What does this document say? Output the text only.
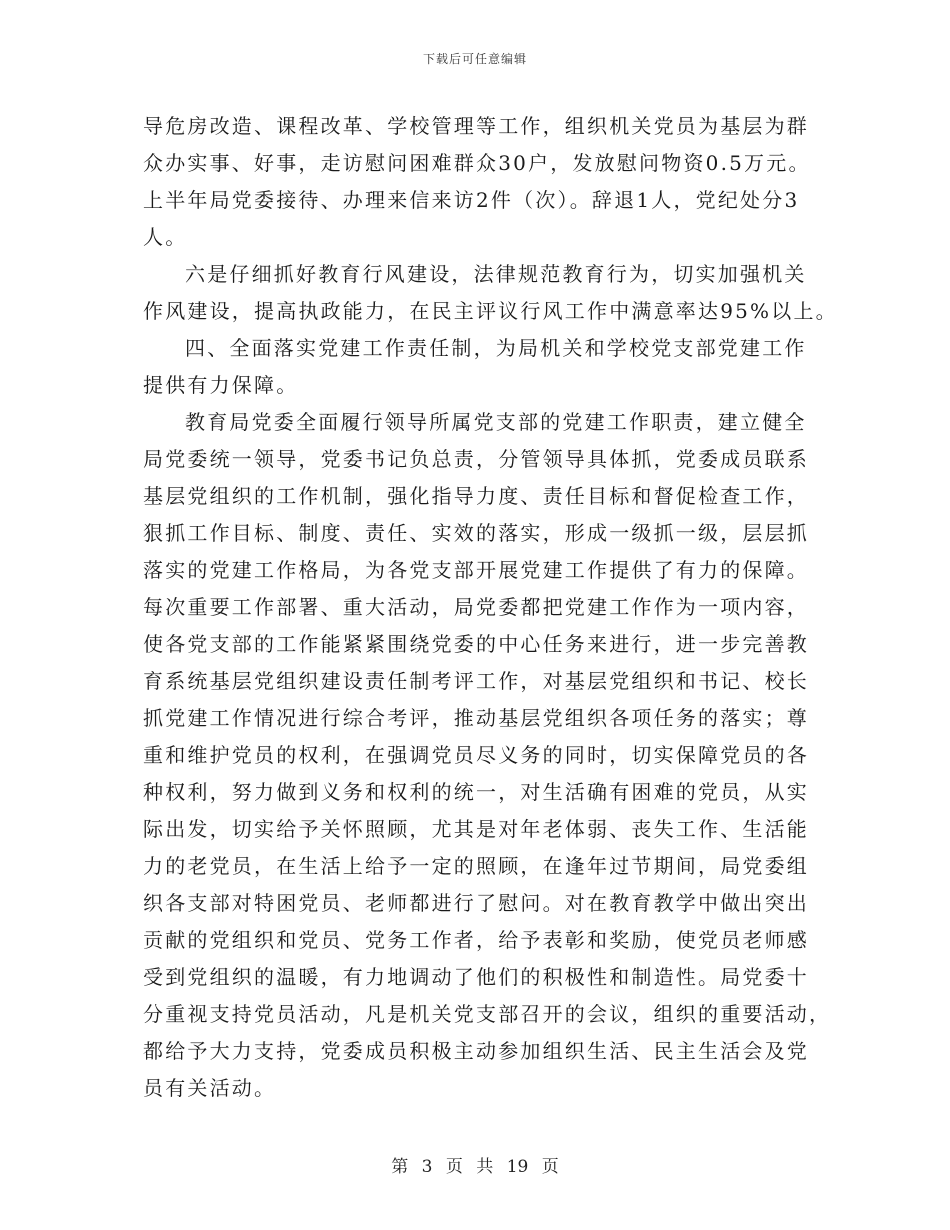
下载后可任意编辑
导危房改造、课程改革、学校管理等工作，组织机关党员为基层为群
众办实事、好事，走访慰问困难群众30户，发放慰问物资0.5万元。
上半年局党委接待、办理来信来访2件（次）。辞退1人，党纪处分3
人。
六是仔细抓好教育行风建设，法律规范教育行为，切实加强机关
作风建设，提高执政能力，在民主评议行风工作中满意率达95%以上。
四、全面落实党建工作责任制，为局机关和学校党支部党建工作
提供有力保障。
教育局党委全面履行领导所属党支部的党建工作职责，建立健全
局党委统一领导，党委书记负总责，分管领导具体抓，党委成员联系
基层党组织的工作机制，强化指导力度、责任目标和督促检查工作，
狠抓工作目标、制度、责任、实效的落实，形成一级抓一级，层层抓
落实的党建工作格局，为各党支部开展党建工作提供了有力的保障。
每次重要工作部署、重大活动，局党委都把党建工作作为一项内容，
使各党支部的工作能紧紧围绕党委的中心任务来进行，进一步完善教
育系统基层党组织建设责任制考评工作，对基层党组织和书记、校长
抓党建工作情况进行综合考评，推动基层党组织各项任务的落实；尊
重和维护党员的权利，在强调党员尽义务的同时，切实保障党员的各
种权利，努力做到义务和权利的统一，对生活确有困难的党员，从实
际出发，切实给予关怀照顾，尤其是对年老体弱、丧失工作、生活能
力的老党员，在生活上给予一定的照顾，在逢年过节期间，局党委组
织各支部对特困党员、老师都进行了慰问。对在教育教学中做出突出
贡献的党组织和党员、党务工作者，给予表彰和奖励，使党员老师感
受到党组织的温暖，有力地调动了他们的积极性和制造性。局党委十
分重视支持党员活动，凡是机关党支部召开的会议，组织的重要活动，
都给予大力支持，党委成员积极主动参加组织生活、民主生活会及党
员有关活动。
第 3 页 共 19 页
